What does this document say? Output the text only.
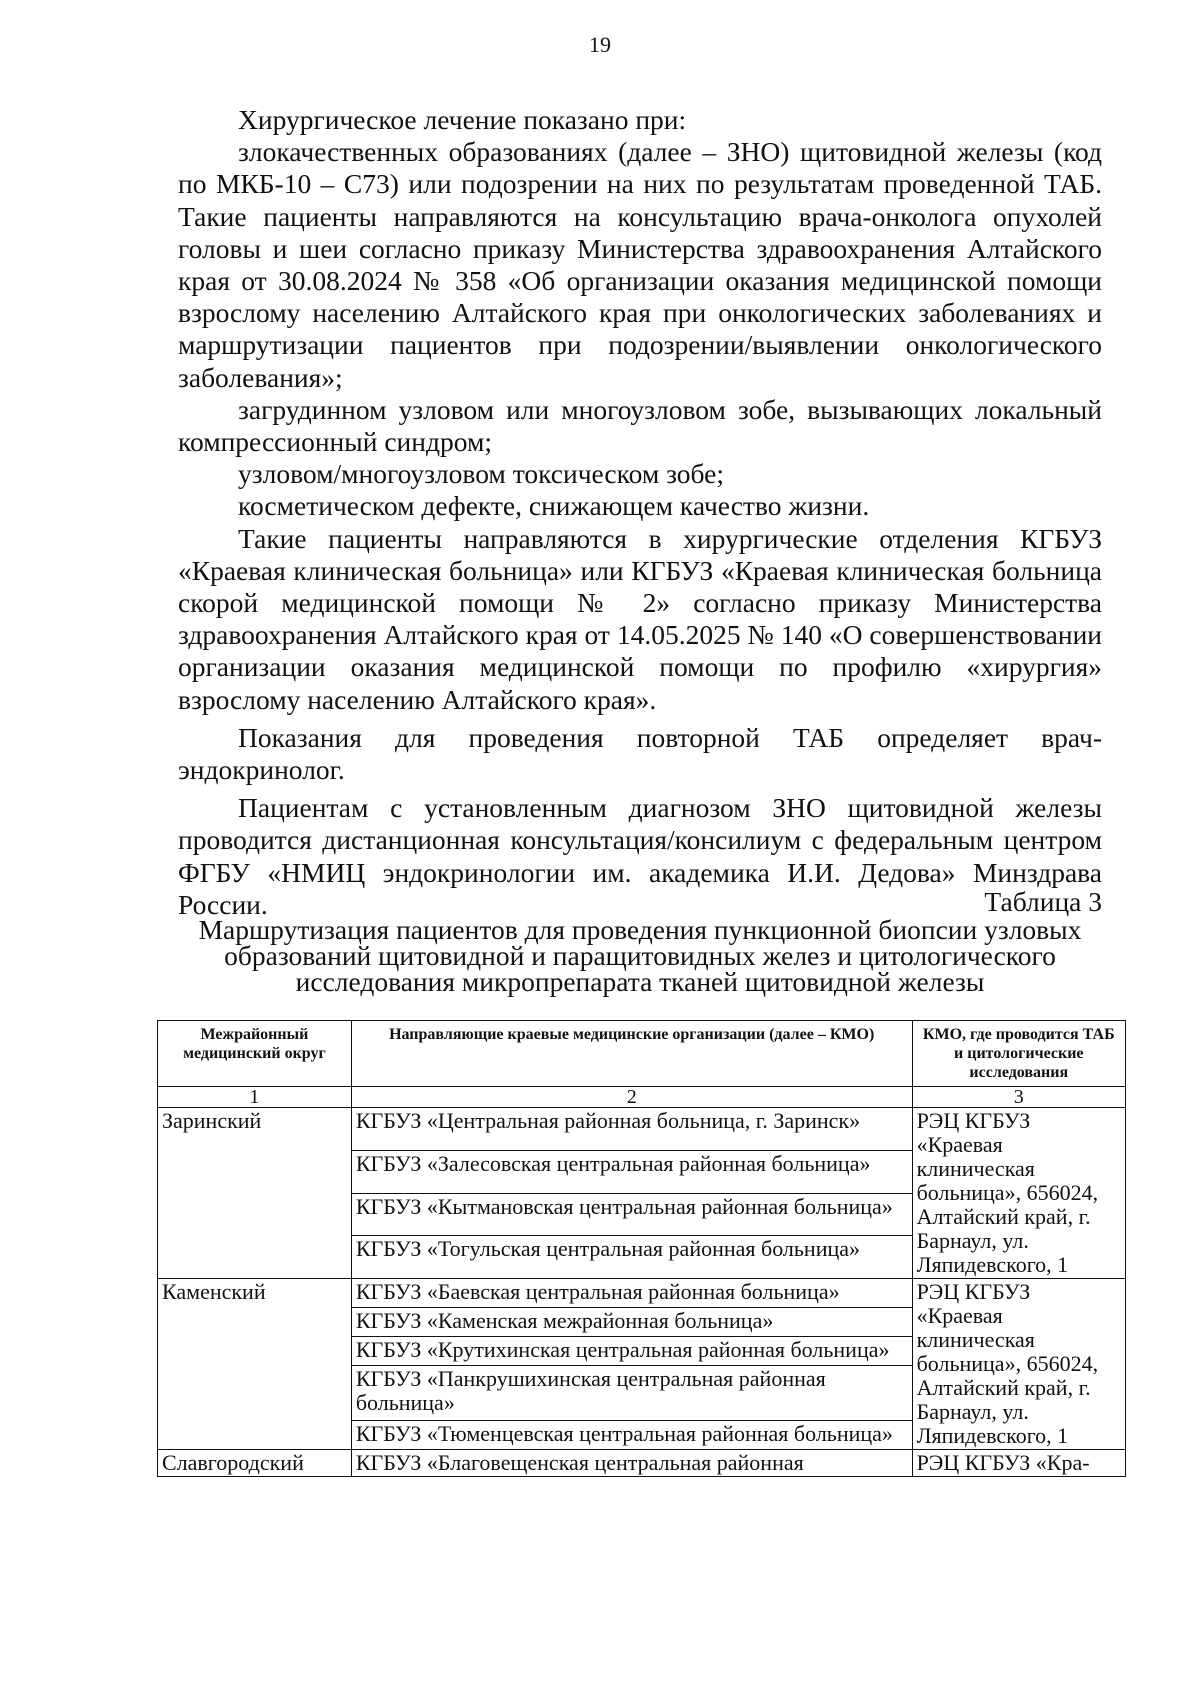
19

Хирургическое лечение показано при:

злокачественных образованиях (далее – ЗНО) щитовидной железы (код по МКБ-10 – С73) или подозрении на них по результатам проведенной ТАБ. Такие пациенты направляются на консультацию врача-онколога опухолей головы и шеи согласно приказу Министерства здравоохранения Алтайского края от 30.08.2024 № 358 «Об организации оказания медицинской помощи взрослому населению Алтайского края при онкологических заболеваниях и маршрутизации пациентов при подозрении/выявлении онкологического заболевания»;

загрудинном узловом или многоузловом зобе, вызывающих локальный компрессионный синдром;

узловом/многоузловом токсическом зобе;

косметическом дефекте, снижающем качество жизни.

Такие пациенты направляются в хирургические отделения КГБУЗ «Краевая клиническая больница» или КГБУЗ «Краевая клиническая больница скорой медицинской помощи № 2» согласно приказу Министерства здравоохранения Алтайского края от 14.05.2025 № 140 «О совершенствовании организации оказания медицинской помощи по профилю «хирургия» взрослому населению Алтайского края».

Показания для проведения повторной ТАБ определяет врач-эндокринолог.

Пациентам с установленным диагнозом ЗНО щитовидной железы проводится дистанционная консультация/консилиум с федеральным центром ФГБУ «НМИЦ эндокринологии им. академика И.И. Дедова» Минздрава России.	Таблица 3
Маршрутизация пациентов для проведения пункционной биопсии узловых образований щитовидной и паращитовидных желез и цитологического исследования микропрепарата тканей щитовидной железы
Межрайонный медицинский округ	Направляющие краевые медицинские организации (далее – КМО)	КМО, где проводится ТАБ и цитологические исследования
1	2	3
Заринский	КГБУЗ «Центральная районная больница, г. Заринск»	РЭЦ КГБУЗ «Краевая клиническая больница», 656024, Алтайский край, г. Барнаул, ул. Ляпидевского, 1
	КГБУЗ «Залесовская центральная районная больница»	
	КГБУЗ «Кытмановская центральная районная больница»	
	КГБУЗ «Тогульская центральная районная больница»	
Каменский	КГБУЗ «Баевская центральная районная больница»	РЭЦ КГБУЗ «Краевая клиническая больница», 656024, Алтайский край, г. Барнаул, ул. Ляпидевского, 1
	КГБУЗ «Каменская межрайонная больница»	
	КГБУЗ «Крутихинская центральная районная больница»	
	КГБУЗ «Панкрушихинская центральная районная больница»	
	КГБУЗ «Тюменцевская центральная районная больница»	
Славгородский	КГБУЗ «Благовещенская центральная районная	РЭЦ КГБУЗ «Кра-
